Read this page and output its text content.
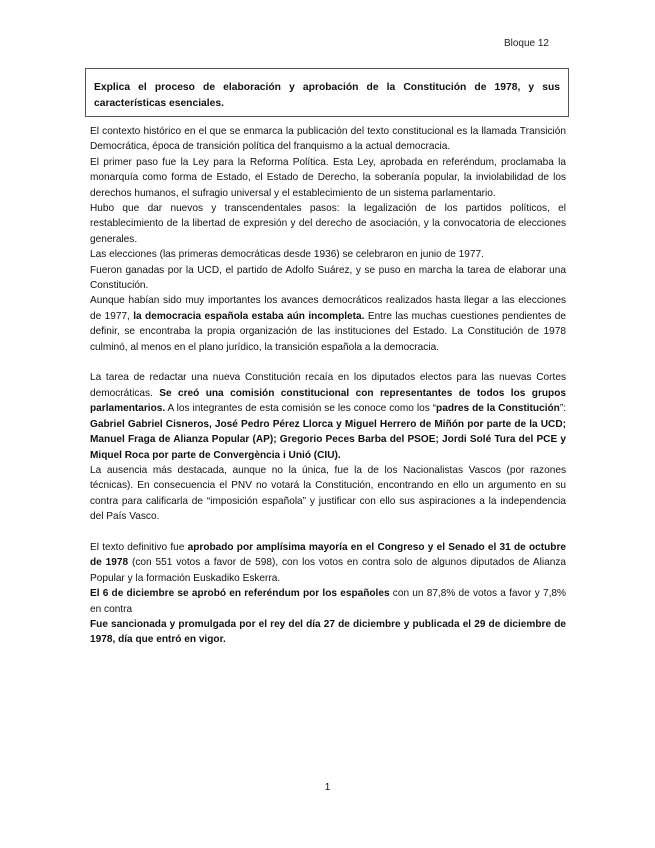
Bloque 12
Explica el proceso de elaboración y aprobación de la Constitución de 1978, y sus características esenciales.

El contexto histórico en el que se enmarca la publicación del texto constitucional es la llamada Transición Democrática, época de transición política del franquismo a la actual democracia.

El primer paso fue la Ley para la Reforma Política. Esta Ley, aprobada en referéndum, proclamaba la monarquía como forma de Estado, el Estado de Derecho, la soberanía popular, la inviolabilidad de los derechos humanos, el sufragio universal y el establecimiento de un sistema parlamentario.

Hubo que dar nuevos y transcendentales pasos: la legalización de los partidos políticos, el restablecimiento de la libertad de expresión y del derecho de asociación, y la convocatoria de elecciones generales.

Las elecciones (las primeras democráticas desde 1936) se celebraron en junio de 1977.

Fueron ganadas por la UCD, el partido de Adolfo Suárez, y se puso en marcha la tarea de elaborar una Constitución.

Aunque habían sido muy importantes los avances democráticos realizados hasta llegar a las elecciones de 1977, la democracia española estaba aún incompleta. Entre las muchas cuestiones pendientes de definir, se encontraba la propia organización de las instituciones del Estado. La Constitución de 1978 culminó, al menos en el plano jurídico, la transición española a la democracia.

La tarea de redactar una nueva Constitución recaía en los diputados electos para las nuevas Cortes democráticas. Se creó una comisión constitucional con representantes de todos los grupos parlamentarios. A los integrantes de esta comisión se les conoce como los “padres de la Constitución”: Gabriel Gabriel Cisneros, José Pedro Pérez Llorca y Miguel Herrero de Miñón por parte de la UCD; Manuel Fraga de Alianza Popular (AP); Gregorio Peces Barba del PSOE; Jordi Solé Tura del PCE y Miquel Roca por parte de Convergència i Unió (CIU).

La ausencia más destacada, aunque no la única, fue la de los Nacionalistas Vascos (por razones técnicas). En consecuencia el PNV no votará la Constitución, encontrando en ello un argumento en su contra para calificarla de “imposición española” y justificar con ello sus aspiraciones a la independencia del País Vasco.

El texto definitivo fue aprobado por amplísima mayoría en el Congreso y el Senado el 31 de octubre de 1978 (con 551 votos a favor de 598), con los votos en contra solo de algunos diputados de Alianza Popular y la formación Euskadiko Eskerra.

El 6 de diciembre se aprobó en referéndum por los españoles con un 87,8% de votos a favor y 7,8% en contra

Fue sancionada y promulgada por el rey del día 27 de diciembre y publicada el 29 de diciembre de 1978, día que entró en vigor.

1
